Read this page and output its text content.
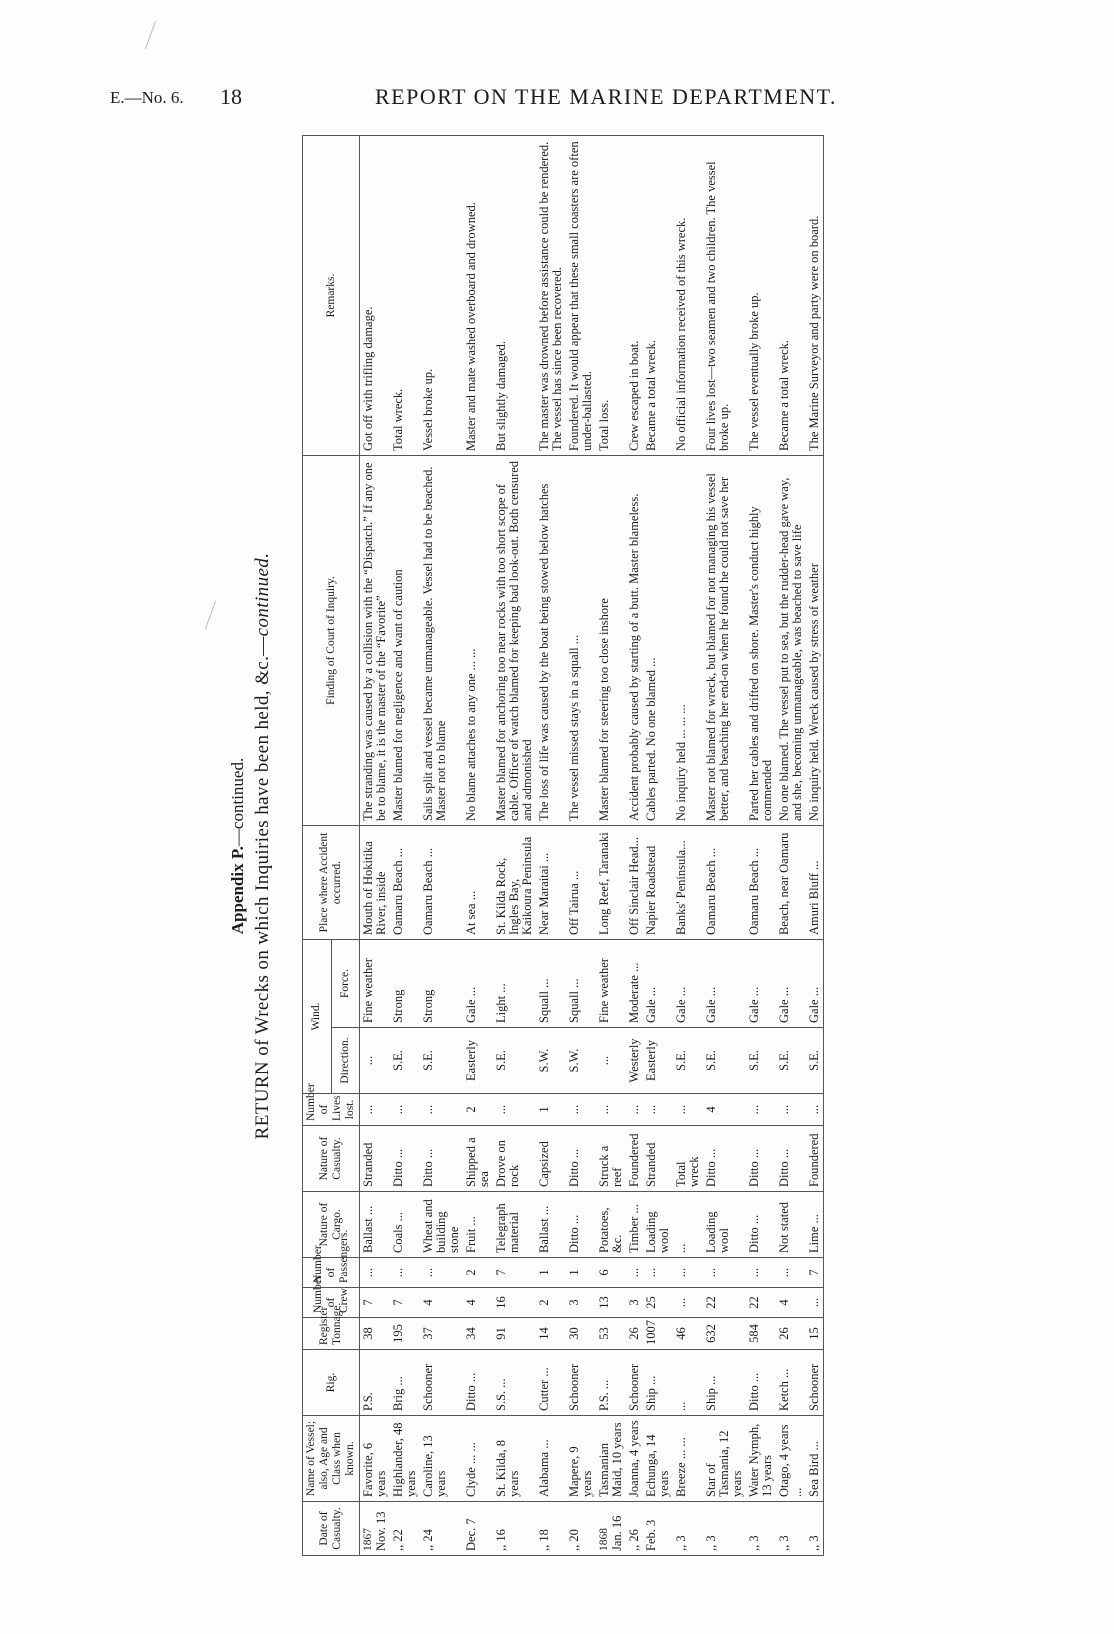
E.—No. 6. 18	REPORT ON THE MARINE DEPARTMENT.
Appendix P.—continued. RETURN of Wrecks on which Inquiries have been held, &c.—continued.
Date of Casualty.	Name of Vessel; also, Age and Class when known.	Rig.	Register Tonnage.	Number of Crew.	Number of Passengers.	Nature of Cargo.	Nature of Casualty.	Number of Lives lost.	Wind.		Place where Accident occurred.	Finding of Court of Inquiry.	Remarks.
									Direction.	Force.			

1867 Nov. 13	Favorite, 6 years	P.S.	38	7	...	Ballast ...	Stranded	...	...	Fine weather	Mouth of Hokitika River, inside	The stranding was caused by a collision with the “Dispatch.” If any one be to blame, it is the master of the “Favorite”	Got off with trifling damage.

,, 22	Highlander, 48 years	Brig ...	195	7	...	Coals ...	Ditto ...	...	S.E.	Strong	Oamaru Beach ...	Master blamed for negligence and want of caution	Total wreck.

,, 24	Caroline, 13 years	Schooner	37	4	...	Wheat and building stone	Ditto ...	...	S.E.	Strong	Oamaru Beach ...	Sails split and vessel became unmanageable. Vessel had to be beached. Master not to blame	Vessel broke up.

Dec. 7	Clyde ... ...	Ditto ...	34	4	2	Fruit ...	Shipped a sea	2	Easterly	Gale ...	At sea ...	No blame attaches to any one ... ...	Master and mate washed overboard and drowned.

,, 16	St. Kilda, 8 years	S.S. ...	91	16	7	Telegraph material	Drove on rock	...	S.E.	Light ...	St. Kilda Rock, Ingles Bay, Kaikoura Peninsula	Master blamed for anchoring too near rocks with too short scope of cable. Officer of watch blamed for keeping bad look-out. Both censured and admonished	But slightly damaged.

,, 18	Alabama ...	Cutter ...	14	2	1	Ballast ...	Capsized	1	S.W.	Squall ...	Near Maraitai ...	The loss of life was caused by the boat being stowed below hatches	The master was drowned before assistance could be rendered. The vessel has since been recovered.

,, 20	Mapere, 9 years	Schooner	30	3	1	Ditto ...	Ditto ...	...	S.W.	Squall ...	Off Tairua ...	The vessel missed stays in a squall ...	Foundered. It would appear that these small coasters are often under-ballasted.

1868 Jan. 16	Tasmanian Maid, 10 years	P.S. ...	53	13	6	Potatoes, &c.	Struck a reef	...	...	Fine weather	Long Reef, Taranaki	Master blamed for steering too close inshore	Total loss.

,, 26	Joanna, 4 years	Schooner	26	3	...	Timber ...	Foundered	...	Westerly	Moderate ...	Off Sinclair Head...	Accident probably caused by starting of a butt. Master blameless.	Crew escaped in boat.

Feb. 3	Echunga, 14 years	Ship ...	1007	25	...	Loading wool	Stranded	...	Easterly	Gale ...	Napier Roadstead	Cables parted. No one blamed ...	Became a total wreck.

,, 3	Breeze ... ...	...	46	...	...	...	Total wreck	...	S.E.	Gale ...	Banks' Peninsula...	No inquiry held ... ... ...	No official information received of this wreck.

,, 3	Star of Tasmania, 12 years	Ship ...	632	22	...	Loading wool	Ditto ...	4	S.E.	Gale ...	Oamaru Beach ...	Master not blamed for wreck, but blamed for not managing his vessel better, and beaching her end-on when he found he could not save her	Four lives lost—two seamen and two children. The vessel broke up.

,, 3	Water Nymph, 13 years	Ditto ...	584	22	...	Ditto ...	Ditto ...	...	S.E.	Gale ...	Oamaru Beach ...	Parted her cables and drifted on shore. Master's conduct highly commended	The vessel eventually broke up.

,, 3	Otago, 4 years ...	Ketch ...	26	4	...	Not stated	Ditto ...	...	S.E.	Gale ...	Beach, near Oamaru	No one blamed. The vessel put to sea, but the rudder-head gave way, and she, becoming unmanageable, was beached to save life	Became a total wreck.

,, 3	Sea Bird ...	Schooner	15	...	7	Lime ...	Foundered	...	S.E.	Gale ...	Amuri Bluff ...	No inquiry held. Wreck caused by stress of weather	The Marine Surveyor and party were on board.
